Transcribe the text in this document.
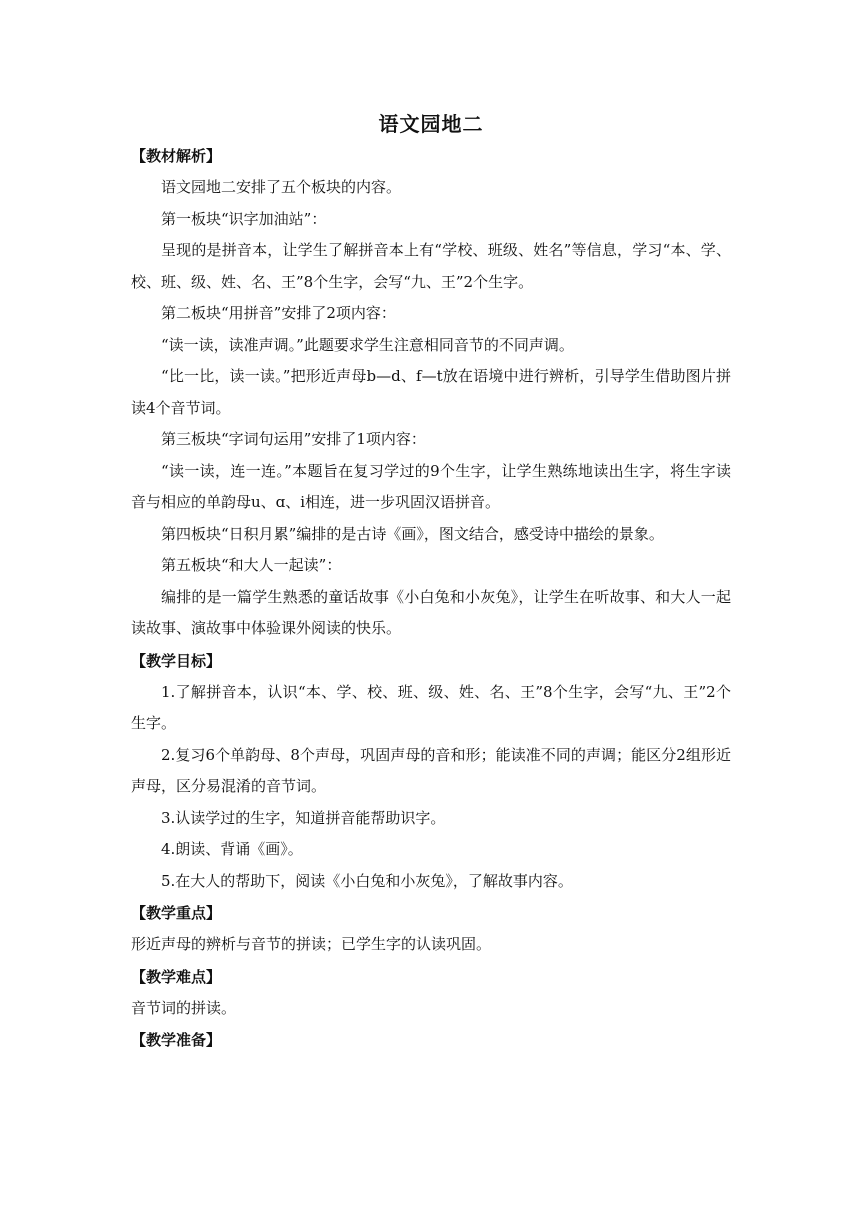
语文园地二
【教材解析】

语文园地二安排了五个板块的内容。

第一板块“识字加油站”：

呈现的是拼音本，让学生了解拼音本上有“学校、班级、姓名”等信息，学习“本、学、校、班、级、姓、名、王”8个生字，会写“九、王”2个生字。

第二板块“用拼音”安排了2项内容：

“读一读，读准声调。”此题要求学生注意相同音节的不同声调。

“比一比，读一读。”把形近声母b—d、f—t放在语境中进行辨析，引导学生借助图片拼读4个音节词。

第三板块“字词句运用”安排了1项内容：

“读一读，连一连。”本题旨在复习学过的9个生字，让学生熟练地读出生字，将生字读音与相应的单韵母u、ɑ、i相连，进一步巩固汉语拼音。

第四板块“日积月累”编排的是古诗《画》，图文结合，感受诗中描绘的景象。

第五板块“和大人一起读”：

编排的是一篇学生熟悉的童话故事《小白兔和小灰兔》，让学生在听故事、和大人一起读故事、演故事中体验课外阅读的快乐。

【教学目标】

1.了解拼音本，认识“本、学、校、班、级、姓、名、王”8个生字，会写“九、王”2个生字。

2.复习6个单韵母、8个声母，巩固声母的音和形；能读准不同的声调；能区分2组形近声母，区分易混淆的音节词。

3.认读学过的生字，知道拼音能帮助识字。

4.朗读、背诵《画》。

5.在大人的帮助下，阅读《小白兔和小灰兔》，了解故事内容。

【教学重点】

形近声母的辨析与音节的拼读；已学生字的认读巩固。

【教学难点】

音节词的拼读。

【教学准备】
